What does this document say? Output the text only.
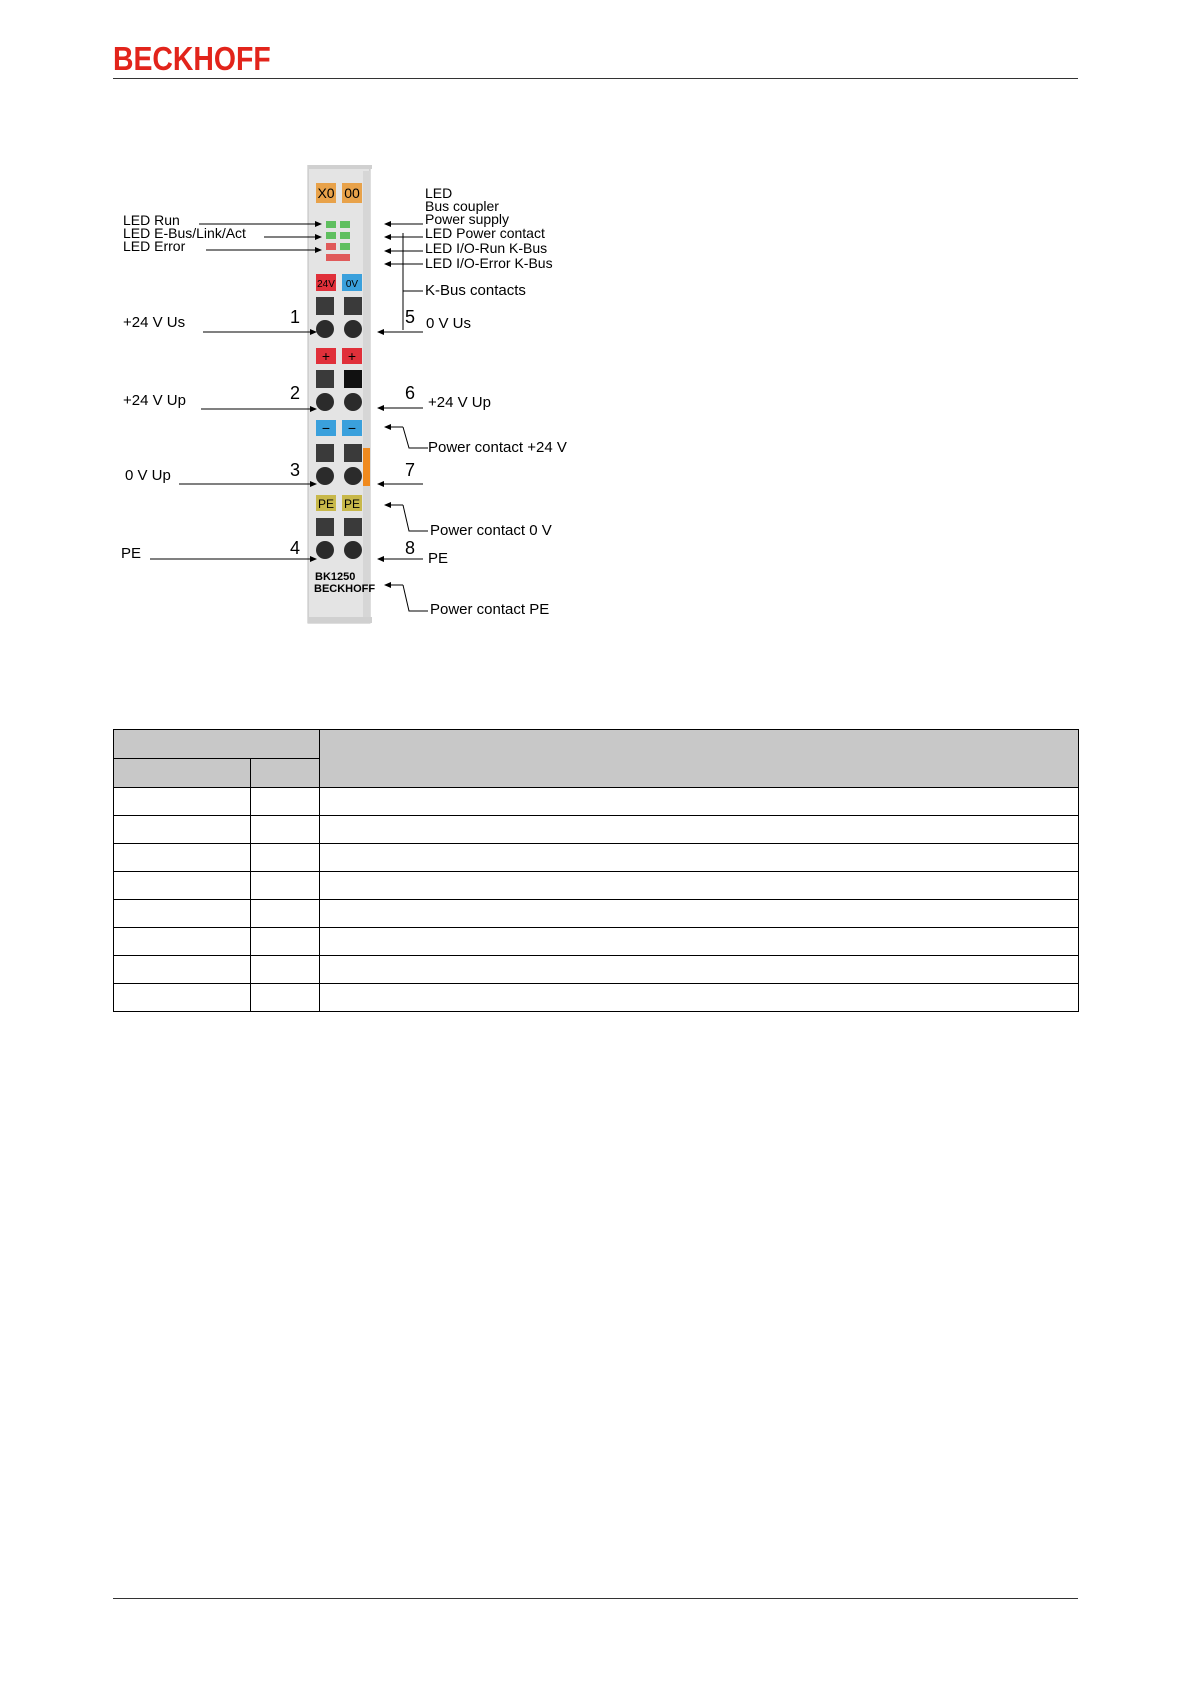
BECKHOFF
X0 00
24V 0V
+ +
− −
PE PE
BK1250
BECKHOFF
LED Run
LED E-Bus/Link/Act
LED Error
+24 V Us	1
+24 V Up	2
0 V Up	3
PE	4
LED
Bus coupler
Power supply
LED Power contact
LED I/O-Run K-Bus
LED I/O-Error K-Bus
K-Bus contacts
5 0 V Us
6 +24 V Up
Power contact +24 V
7
Power contact 0 V
8
PE
Power contact PE
